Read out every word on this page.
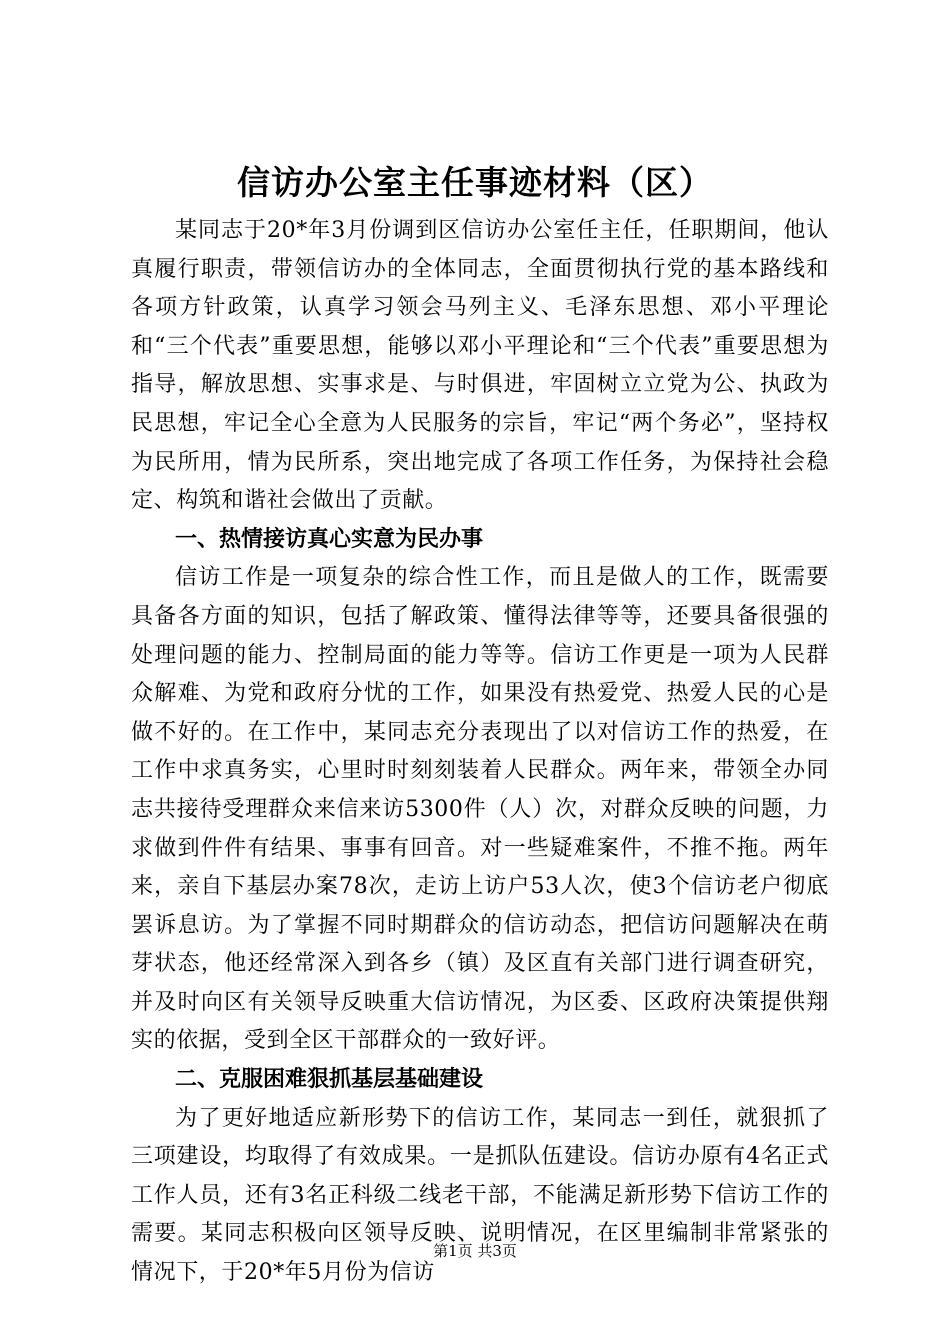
信访办公室主任事迹材料（区）

某同志于20*年3月份调到区信访办公室任主任，任职期间，他认真履行职责，带领信访办的全体同志，全面贯彻执行党的基本路线和各项方针政策，认真学习领会马列主义、毛泽东思想、邓小平理论和“三个代表”重要思想，能够以邓小平理论和“三个代表”重要思想为指导，解放思想、实事求是、与时俱进，牢固树立立党为公、执政为民思想，牢记全心全意为人民服务的宗旨，牢记“两个务必”，坚持权为民所用，情为民所系，突出地完成了各项工作任务，为保持社会稳定、构筑和谐社会做出了贡献。

一、热情接访真心实意为民办事

信访工作是一项复杂的综合性工作，而且是做人的工作，既需要具备各方面的知识，包括了解政策、懂得法律等等，还要具备很强的处理问题的能力、控制局面的能力等等。信访工作更是一项为人民群众解难、为党和政府分忧的工作，如果没有热爱党、热爱人民的心是做不好的。在工作中，某同志充分表现出了以对信访工作的热爱，在工作中求真务实，心里时时刻刻装着人民群众。两年来，带领全办同志共接待受理群众来信来访5300件（人）次，对群众反映的问题，力求做到件件有结果、事事有回音。对一些疑难案件，不推不拖。两年来，亲自下基层办案78次，走访上访户53人次，使3个信访老户彻底罢诉息访。为了掌握不同时期群众的信访动态，把信访问题解决在萌芽状态，他还经常深入到各乡（镇）及区直有关部门进行调查研究，并及时向区有关领导反映重大信访情况，为区委、区政府决策提供翔实的依据，受到全区干部群众的一致好评。

二、克服困难狠抓基层基础建设

为了更好地适应新形势下的信访工作，某同志一到任，就狠抓了三项建设，均取得了有效成果。一是抓队伍建设。信访办原有4名正式工作人员，还有3名正科级二线老干部，不能满足新形势下信访工作的需要。某同志积极向区领导反映、说明情况，在区里编制非常紧张的情况下，于20*年5月份为信访

第1页 共3页
